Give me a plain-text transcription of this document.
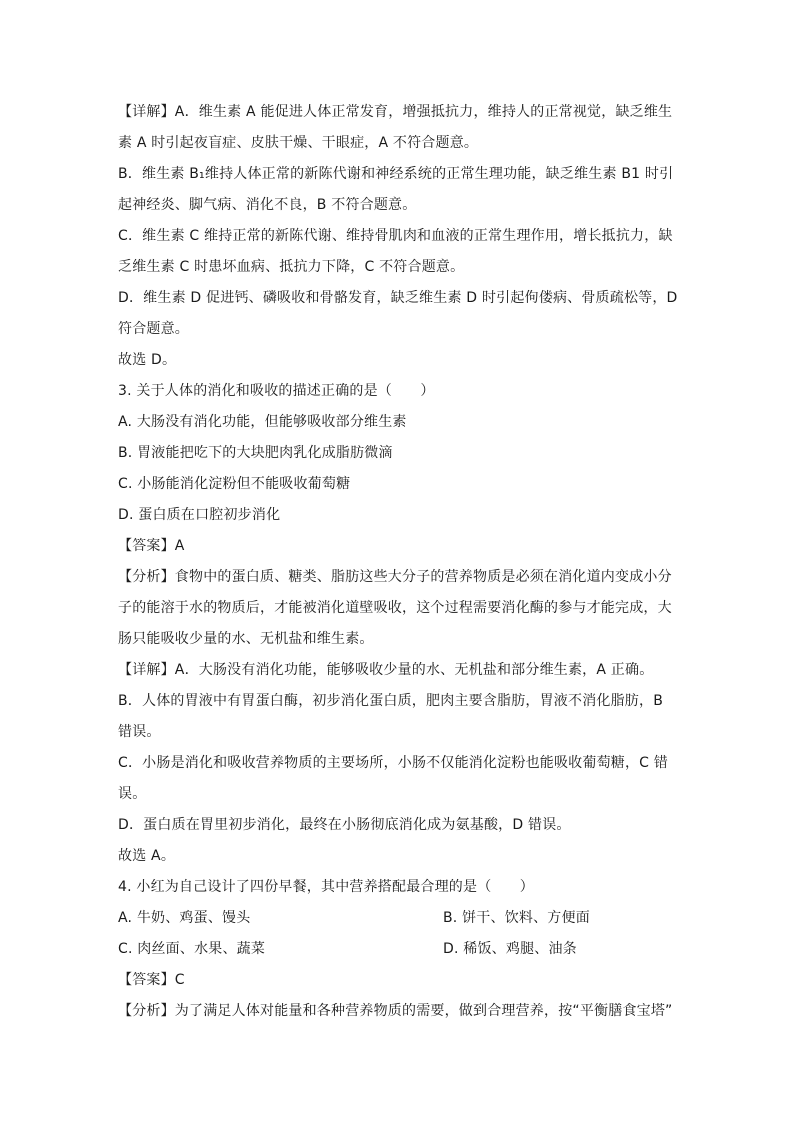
【详解】A．维生素 A 能促进人体正常发育，增强抵抗力，维持人的正常视觉，缺乏维生
素 A 时引起夜盲症、皮肤干燥、干眼症，A 不符合题意。
B．维生素 B₁维持人体正常的新陈代谢和神经系统的正常生理功能，缺乏维生素 B1 时引
起神经炎、脚气病、消化不良，B 不符合题意。
C．维生素 C 维持正常的新陈代谢、维持骨肌肉和血液的正常生理作用，增长抵抗力，缺
乏维生素 C 时患坏血病、抵抗力下降，C 不符合题意。
D．维生素 D 促进钙、磷吸收和骨骼发育，缺乏维生素 D 时引起佝偻病、骨质疏松等，D
符合题意。
故选 D。
3. 关于人体的消化和吸收的描述正确的是（　　）
A. 大肠没有消化功能，但能够吸收部分维生素
B. 胃液能把吃下的大块肥肉乳化成脂肪微滴
C. 小肠能消化淀粉但不能吸收葡萄糖
D. 蛋白质在口腔初步消化
【答案】A
【分析】食物中的蛋白质、糖类、脂肪这些大分子的营养物质是必须在消化道内变成小分
子的能溶于水的物质后，才能被消化道壁吸收，这个过程需要消化酶的参与才能完成，大
肠只能吸收少量的水、无机盐和维生素。
【详解】A．大肠没有消化功能，能够吸收少量的水、无机盐和部分维生素，A 正确。
B．人体的胃液中有胃蛋白酶，初步消化蛋白质，肥肉主要含脂肪，胃液不消化脂肪，B
错误。
C．小肠是消化和吸收营养物质的主要场所，小肠不仅能消化淀粉也能吸收葡萄糖，C 错
误。
D．蛋白质在胃里初步消化，最终在小肠彻底消化成为氨基酸，D 错误。
故选 A。
4. 小红为自己设计了四份早餐，其中营养搭配最合理的是（　　）
A. 牛奶、鸡蛋、馒头	B. 饼干、饮料、方便面
C. 肉丝面、水果、蔬菜	D. 稀饭、鸡腿、油条
【答案】C
【分析】为了满足人体对能量和各种营养物质的需要，做到合理营养，按“平衡膳食宝塔”
